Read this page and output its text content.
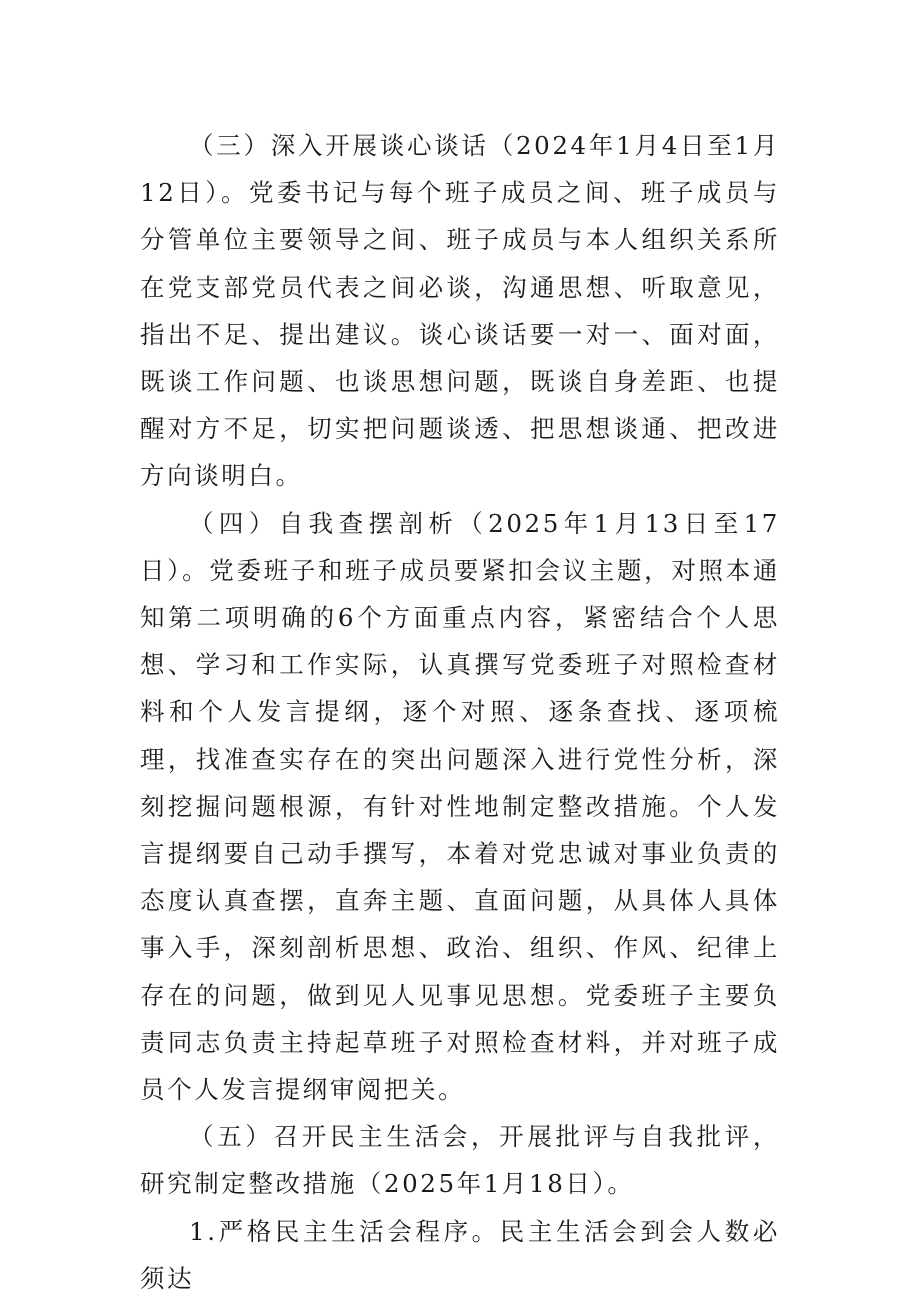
（三）深入开展谈心谈话（2024年1月4日至1月12日）。党委书记与每个班子成员之间、班子成员与分管单位主要领导之间、班子成员与本人组织关系所在党支部党员代表之间必谈，沟通思想、听取意见，指出不足、提出建议。谈心谈话要一对一、面对面，既谈工作问题、也谈思想问题，既谈自身差距、也提醒对方不足，切实把问题谈透、把思想谈通、把改进方向谈明白。

（四）自我查摆剖析（2025年1月13日至17日）。党委班子和班子成员要紧扣会议主题，对照本通知第二项明确的6个方面重点内容，紧密结合个人思想、学习和工作实际，认真撰写党委班子对照检查材料和个人发言提纲，逐个对照、逐条查找、逐项梳理，找准查实存在的突出问题深入进行党性分析，深刻挖掘问题根源，有针对性地制定整改措施。个人发言提纲要自己动手撰写，本着对党忠诚对事业负责的态度认真查摆，直奔主题、直面问题，从具体人具体事入手，深刻剖析思想、政治、组织、作风、纪律上存在的问题，做到见人见事见思想。党委班子主要负责同志负责主持起草班子对照检查材料，并对班子成员个人发言提纲审阅把关。

（五）召开民主生活会，开展批评与自我批评，研究制定整改措施（2025年1月18日）。

1.严格民主生活会程序。民主生活会到会人数必须达
